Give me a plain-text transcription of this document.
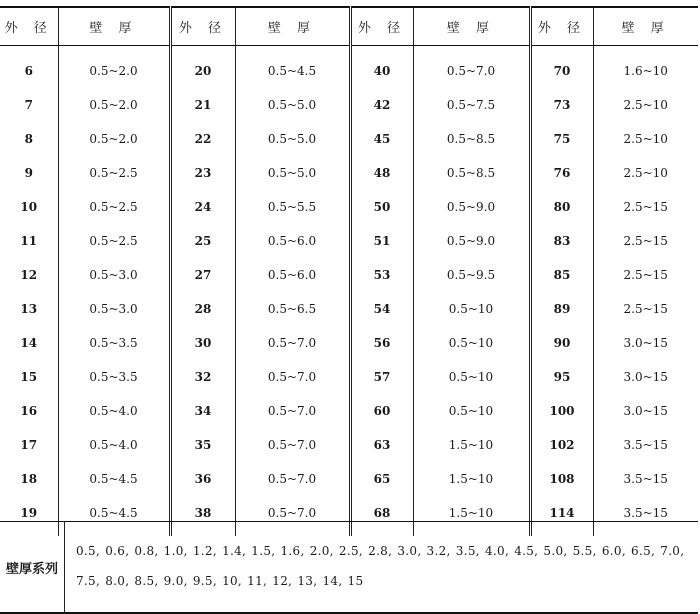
外 径	壁 厚	外 径	壁 厚	外 径	壁 厚	外 径	壁 厚
6	0.5~2.0	20	0.5~4.5	40	0.5~7.0	70	1.6~10
7	0.5~2.0	21	0.5~5.0	42	0.5~7.5	73	2.5~10
8	0.5~2.0	22	0.5~5.0	45	0.5~8.5	75	2.5~10
9	0.5~2.5	23	0.5~5.0	48	0.5~8.5	76	2.5~10
10	0.5~2.5	24	0.5~5.5	50	0.5~9.0	80	2.5~15
11	0.5~2.5	25	0.5~6.0	51	0.5~9.0	83	2.5~15
12	0.5~3.0	27	0.5~6.0	53	0.5~9.5	85	2.5~15
13	0.5~3.0	28	0.5~6.5	54	0.5~10	89	2.5~15
14	0.5~3.5	30	0.5~7.0	56	0.5~10	90	3.0~15
15	0.5~3.5	32	0.5~7.0	57	0.5~10	95	3.0~15
16	0.5~4.0	34	0.5~7.0	60	0.5~10	100	3.0~15
17	0.5~4.0	35	0.5~7.0	63	1.5~10	102	3.5~15
18	0.5~4.5	36	0.5~7.0	65	1.5~10	108	3.5~15
19	0.5~4.5	38	0.5~7.0	68	1.5~10	114	3.5~15
壁厚系列
0.5, 0.6, 0.8, 1.0, 1.2, 1.4, 1.5, 1.6, 2.0, 2.5, 2.8, 3.0, 3.2, 3.5, 4.0, 4.5, 5.0, 5.5, 6.0, 6.5, 7.0, 7.5, 8.0, 8.5, 9.0, 9.5, 10, 11, 12, 13, 14, 15
